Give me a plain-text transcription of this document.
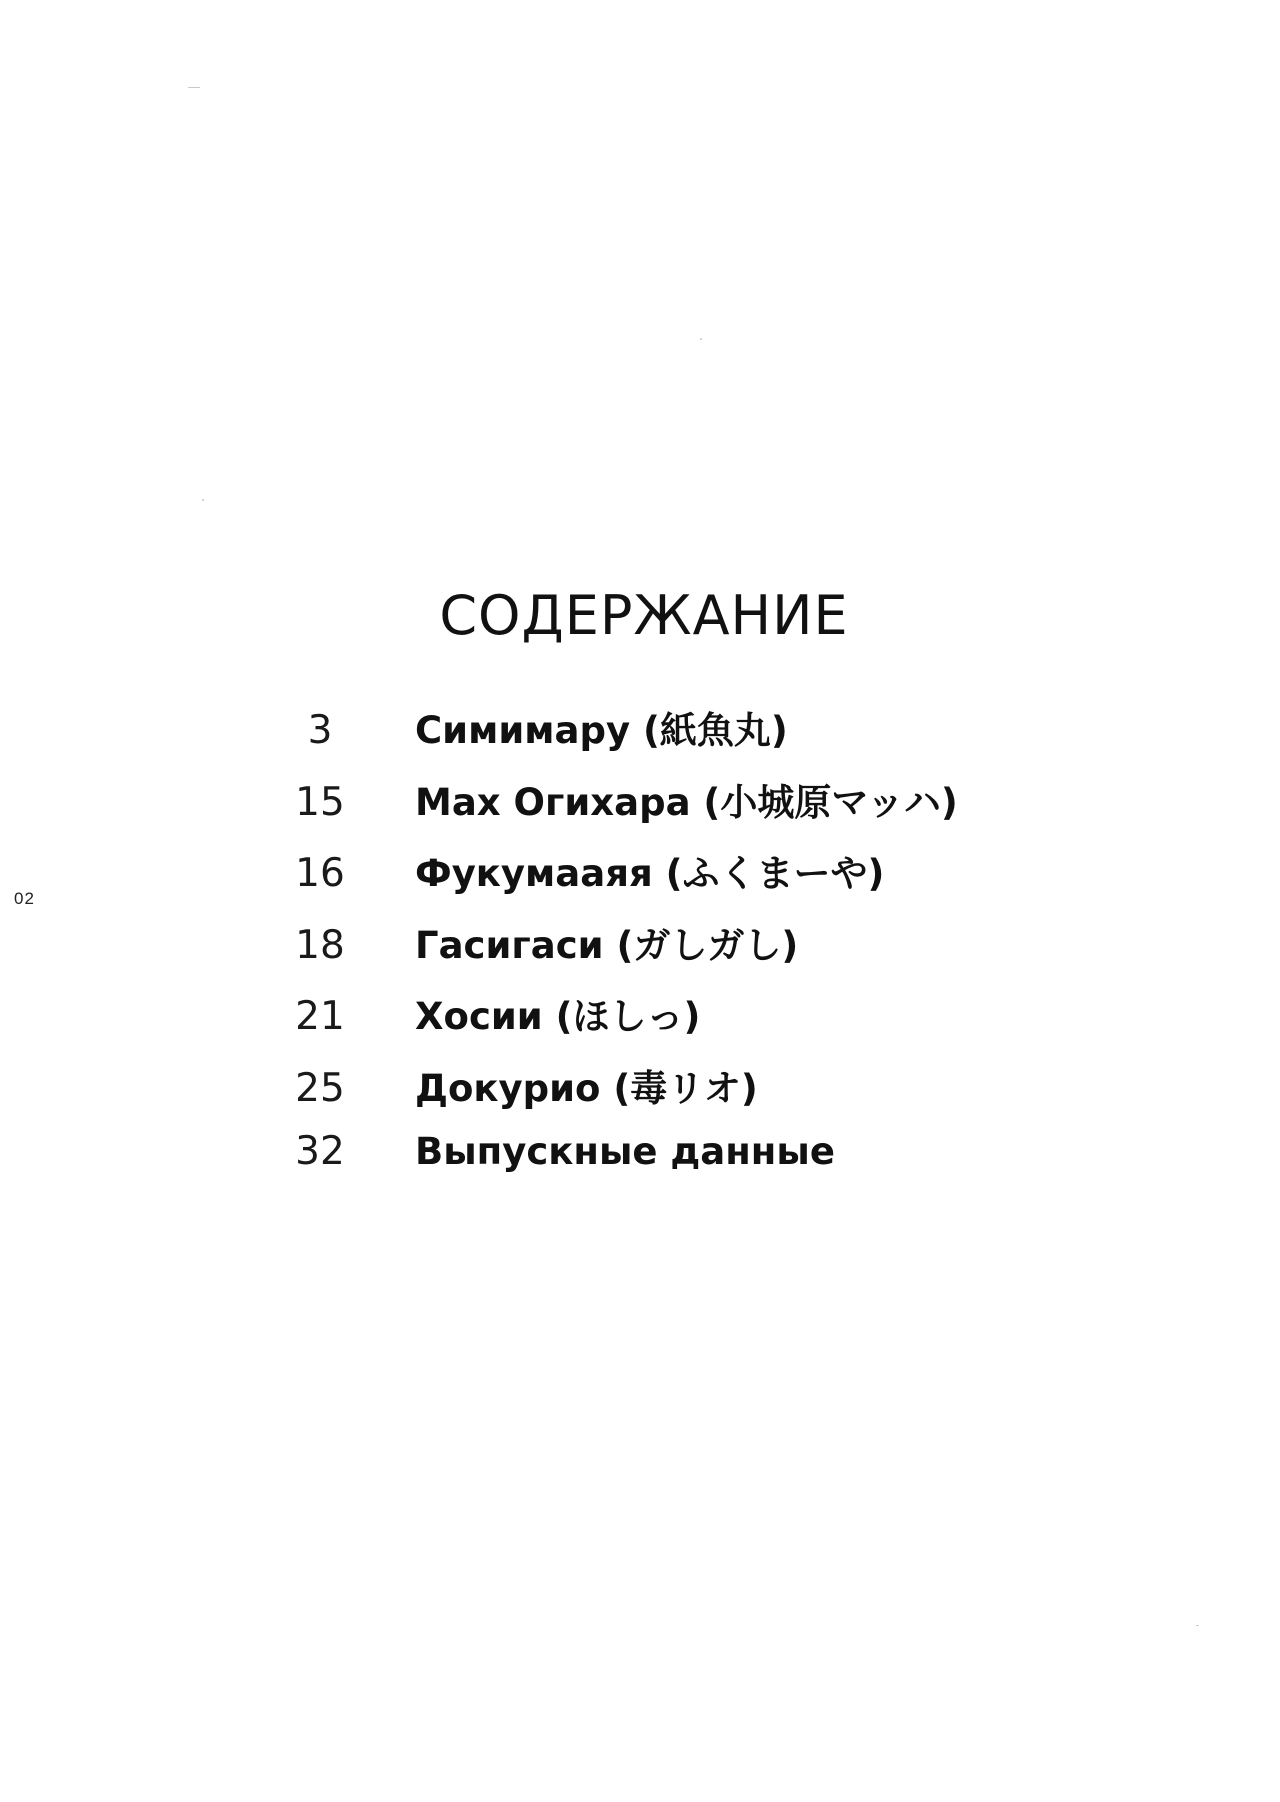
СОДЕРЖАНИЕ
3	Симимару (紙魚丸)
15 Max Огихара (小城原マッハ)
16 Фукумааяя (ふくまーや)
18 Гасигаси (ガしガし)
21 Хосии (ほしっ)
25 Докурио (毒リオ)
32 Выпускные данные
02
